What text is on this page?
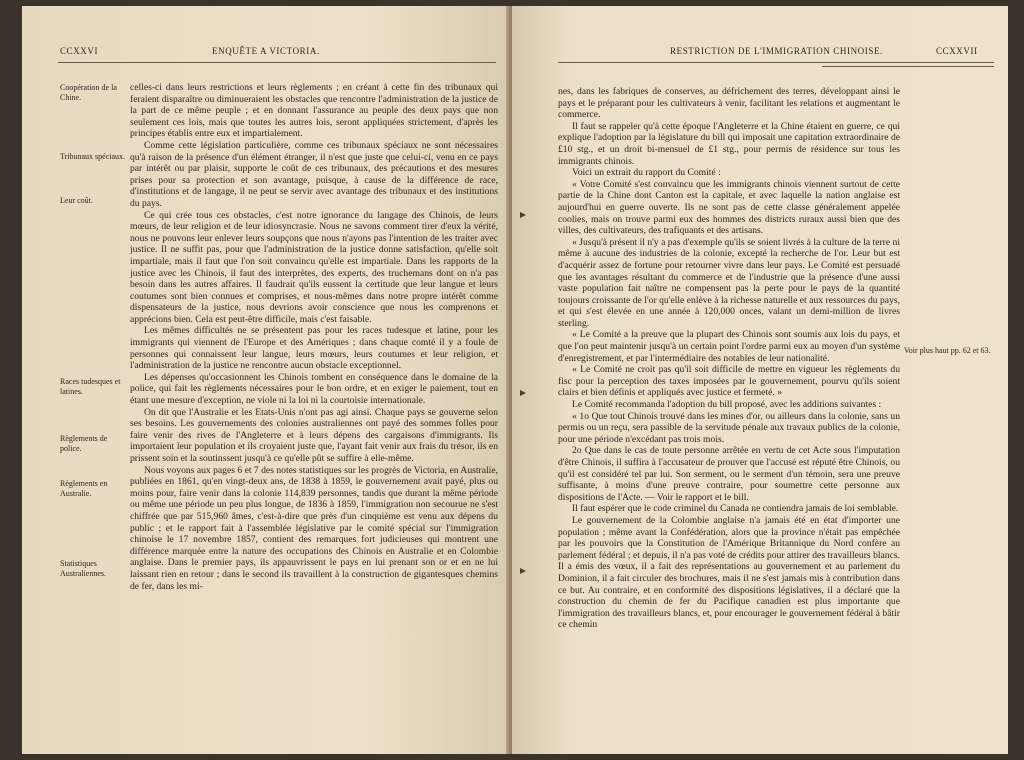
CCXXVI	ENQUÊTE A VICTORIA.
Coopération de la Chine.
Tribunaux spéciaux.
Leur coût.
Races tudesques et latines.
Règlements de police.
Règlements en Australie.
Statistiques Australiennes.

celles-ci dans leurs restrictions et leurs règlements ; en créant à cette fin des tribunaux qui feraient disparaître ou diminueraient les obstacles que rencontre l'administration de la justice de la part de ce même peuple ; et en donnant l'assurance au peuple des deux pays que non seulement ces lois, mais que toutes les autres lois, seront appliquées strictement, d'après les principes établis entre eux et impartialement.

Comme cette législation particulière, comme ces tribunaux spéciaux ne sont nécessaires qu'à raison de la présence d'un élément étranger, il n'est que juste que celui-ci, venu en ce pays par intérêt ou par plaisir, supporte le coût de ces tribunaux, des précautions et des mesures prises pour sa protection et son avantage, puisque, à cause de la différence de race, d'institutions et de langage, il ne peut se servir avec avantage des tribunaux et des institutions du pays.

Ce qui crée tous ces obstacles, c'est notre ignorance du langage des Chinois, de leurs mœurs, de leur religion et de leur idiosyncrasie. Nous ne savons comment tirer d'eux la vérité, nous ne pouvons leur enlever leurs soupçons que nous n'ayons pas l'intention de les traiter avec justice. Il ne suffit pas, pour que l'administration de la justice donne satisfaction, qu'elle soit impartiale, mais il faut que l'on soit convaincu qu'elle est impartiale. Dans les rapports de la justice avec les Chinois, il faut des interprètes, des experts, des truchemans dont on n'a pas besoin dans les autres affaires. Il faudrait qu'ils eussent la certitude que leur langue et leurs coutumes sont bien connues et comprises, et nous-mêmes dans notre propre intérêt comme dispensateurs de la justice, nous devrions avoir conscience que nous les comprenons et apprécions bien. Cela est peut-être difficile, mais c'est faisable.

Les mêmes difficultés ne se présentent pas pour les races tudesque et latine, pour les immigrants qui viennent de l'Europe et des Amériques ; dans chaque comté il y a foule de personnes qui connaissent leur langue, leurs mœurs, leurs coutumes et leur religion, et l'administration de la justice ne rencontre aucun obstacle exceptionnel.

Les dépenses qu'occasionnent les Chinois tombent en conséquence dans le domaine de la police, qui fait les règlements nécessaires pour le bon ordre, et en exiger le paiement, tout en étant une mesure d'exception, ne viole ni la loi ni la courtoisie internationale.

On dit que l'Australie et les Etats-Unis n'ont pas agi ainsi. Chaque pays se gouverne selon ses besoins. Les gouvernements des colonies australiennes ont payé des sommes folles pour faire venir des rives de l'Angleterre et à leurs dépens des cargaisons d'immigrants. Ils importaient leur population et ils croyaient juste que, l'ayant fait venir aux frais du trésor, ils en prissent soin et la soutinssent jusqu'à ce qu'elle pût se suffire à elle-même.

Nous voyons aux pages 6 et 7 des notes statistiques sur les progrès de Victoria, en Australie, publiées en 1861, qu'en vingt-deux ans, de 1838 à 1859, le gouvernement avait payé, plus ou moins pour, faire venir dans la colonie 114,839 personnes, tandis que durant la même période ou même une période un peu plus longue, de 1836 à 1859, l'immigration non secourue ne s'est chiffrée que par 515,960 âmes, c'est-à-dire que près d'un cinquième est venu aux dépens du public ; et le rapport fait à l'assemblée législative par le comité spécial sur l'immigration chinoise le 17 novembre 1857, contient des remarques fort judicieuses qui montrent une différence marquée entre la nature des occupations des Chinois en Australie et en Colombie anglaise. Dans le premier pays, ils appauvrissent le pays en lui prenant son or et en ne lui laissant rien en retour ; dans le second ils travaillent à la construction de gigantesques chemins de fer, dans les mi-

RESTRICTION DE L'IMMIGRATION CHINOISE.	CCXXVII
Voir plus haut pp. 62 et 63.

nes, dans les fabriques de conserves, au défrichement des terres, développant ainsi le pays et le préparant pour les cultivateurs à venir, facilitant les relations et augmentant le commerce.

Il faut se rappeler qu'à cette époque l'Angleterre et la Chine étaient en guerre, ce qui explique l'adoption par la législature du bill qui imposait une capitation extraordinaire de £10 stg., et un droit bi-mensuel de £1 stg., pour permis de résidence sur tous les immigrants chinois.

Voici un extrait du rapport du Comité :

« Votre Comité s'est convaincu que les immigrants chinois viennent surtout de cette partie de la Chine dont Canton est la capitale, et avec laquelle la nation anglaise est aujourd'hui en guerre ouverte. Ils ne sont pas de cette classe généralement appelée coolies, mais on trouve parmi eux des hommes des districts ruraux aussi bien que des villes, des cultivateurs, des trafiquants et des artisans.

« Jusqu'à présent il n'y a pas d'exemple qu'ils se soient livrés à la culture de la terre ni même à aucune des industries de la colonie, excepté la recherche de l'or. Leur but est d'acquérir assez de fortune pour retourner vivre dans leur pays. Le Comité est persuadé que les avantages résultant du commerce et de l'industrie que la présence d'une aussi vaste population fait naître ne compensent pas la perte pour le pays de la quantité toujours croissante de l'or qu'elle enlève à la richesse naturelle et aux ressources du pays, et qui s'est élevée en une année à 120,000 onces, valant un demi-million de livres sterling.

« Le Comité a la preuve que la plupart des Chinois sont soumis aux lois du pays, et que l'on peut maintenir jusqu'à un certain point l'ordre parmi eux au moyen d'un système d'enregistrement, et par l'intermédiaire des notables de leur nationalité.

« Le Comité ne croit pas qu'il soit difficile de mettre en vigueur les règlements du fisc pour la perception des taxes imposées par le gouvernement, pourvu qu'ils soient clairs et bien définis et appliqués avec justice et fermeté. »

Le Comité recommanda l'adoption du bill proposé, avec les additions suivantes :

« 1o Que tout Chinois trouvé dans les mines d'or, ou ailleurs dans la colonie, sans un permis ou un reçu, sera passible de la servitude pénale aux travaux publics de la colonie, pour une période n'excédant pas trois mois.

2o Que dans le cas de toute personne arrêtée en vertu de cet Acte sous l'imputation d'être Chinois, il suffira à l'accusateur de prouver que l'accusé est réputé être Chinois, ou qu'il est considéré tel par lui. Son serment, ou le serment d'un témoin, sera une preuve suffisante, à moins d'une preuve contraire, pour soumettre cette personne aux dispositions de l'Acte. — Voir le rapport et le bill.

Il faut espérer que le code criminel du Canada ne contiendra jamais de loi semblable.

Le gouvernement de la Colombie anglaise n'a jamais été en état d'importer une population ; même avant la Confédération, alors que la province n'était pas empêchée par les pouvoirs que la Constitution de l'Amérique Britannique du Nord confère au parlement fédéral ; et depuis, il n'a pas voté de crédits pour attirer des travailleurs blancs. Il a émis des vœux, il a fait des représentations au gouvernement et au parlement du Dominion, il a fait circuler des brochures, mais il ne s'est jamais mis à contribution dans ce but. Au contraire, et en conformité des dispositions législatives, il a déclaré que la construction du chemin de fer du Pacifique canadien est plus importante que l'immigration des travailleurs blancs, et, pour encourager le gouvernement fédéral à bâtir ce chemin
